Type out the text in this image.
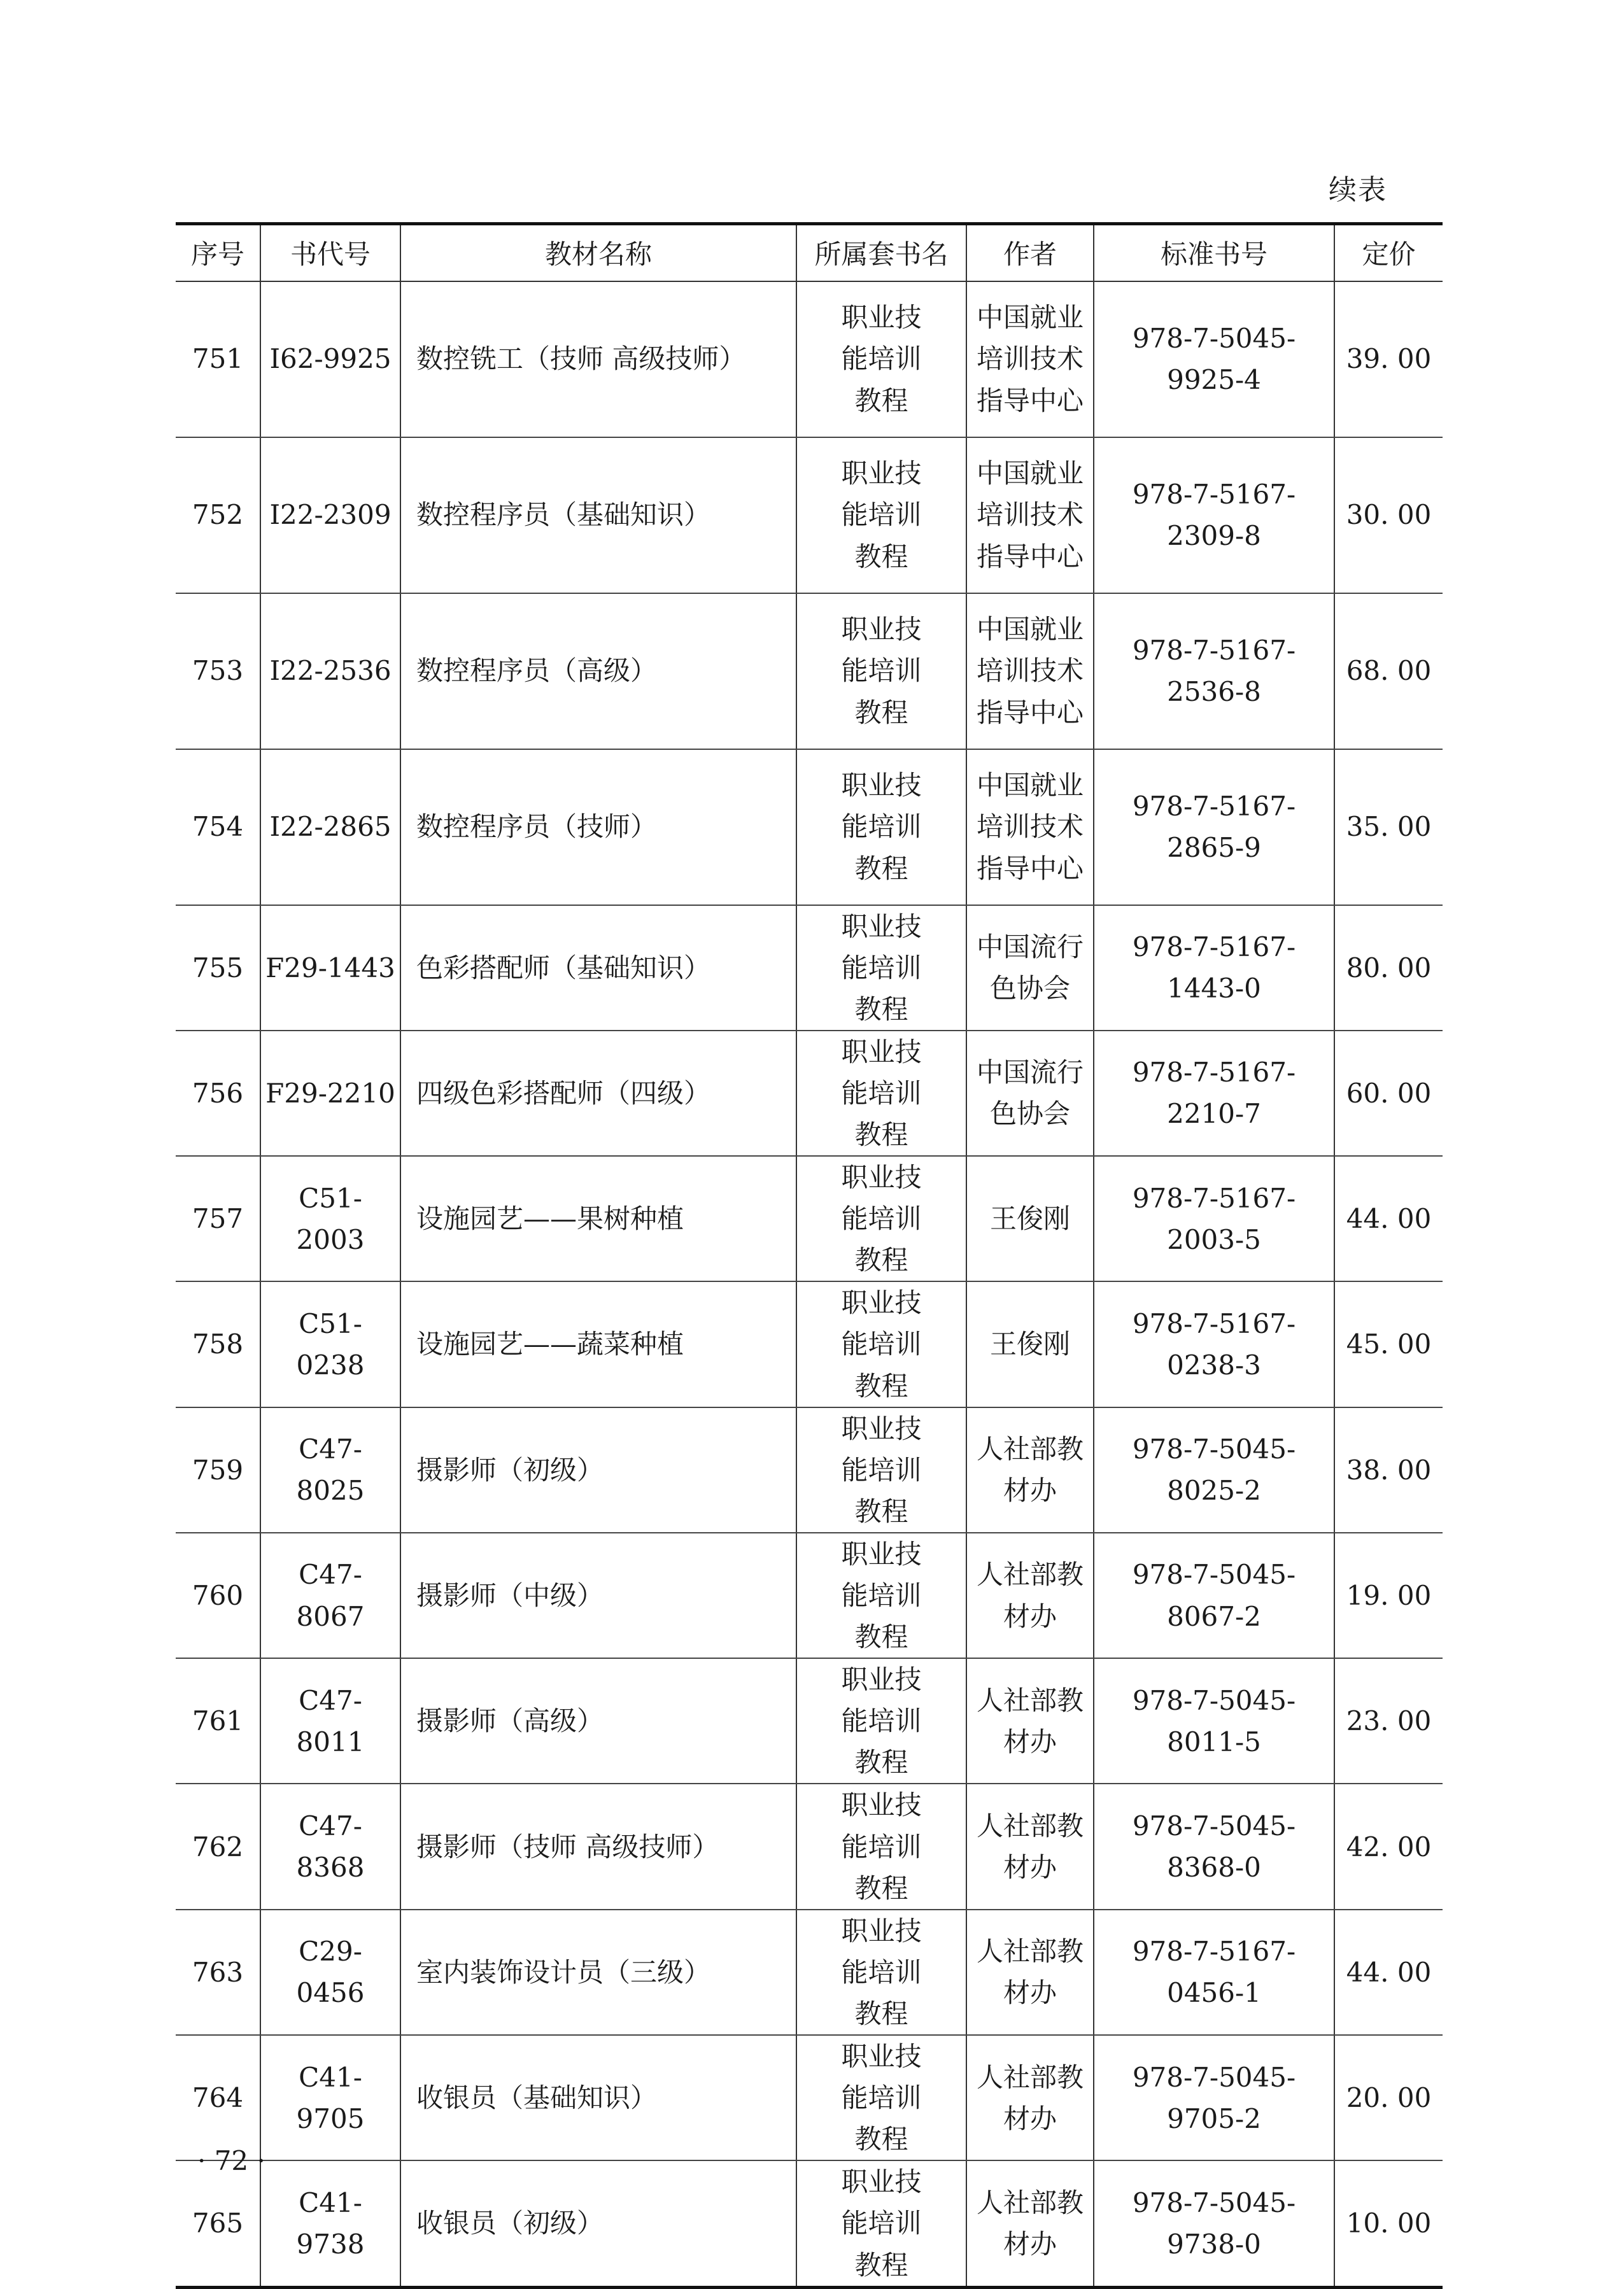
续表
序号	书代号	教材名称	所属套书名	作者	标准书号	定价
751	I62-9925	数控铣工（技师 高级技师）	职业技能培训教程	中国就业培训技术指导中心	978-7-5045-9925-4	39. 00
752	I22-2309	数控程序员（基础知识）	职业技能培训教程	中国就业培训技术指导中心	978-7-5167-2309-8	30. 00
753	I22-2536	数控程序员（高级）	职业技能培训教程	中国就业培训技术指导中心	978-7-5167-2536-8	68. 00
754	I22-2865	数控程序员（技师）	职业技能培训教程	中国就业培训技术指导中心	978-7-5167-2865-9	35. 00
755	F29-1443	色彩搭配师（基础知识）	职业技能培训教程	中国流行色协会	978-7-5167-1443-0	80. 00
756	F29-2210	四级色彩搭配师（四级）	职业技能培训教程	中国流行色协会	978-7-5167-2210-7	60. 00
757	C51-2003	设施园艺——果树种植	职业技能培训教程	王俊刚	978-7-5167-2003-5	44. 00
758	C51-0238	设施园艺——蔬菜种植	职业技能培训教程	王俊刚	978-7-5167-0238-3	45. 00
759	C47-8025	摄影师（初级）	职业技能培训教程	人社部教材办	978-7-5045-8025-2	38. 00
760	C47-8067	摄影师（中级）	职业技能培训教程	人社部教材办	978-7-5045-8067-2	19. 00
761	C47-8011	摄影师（高级）	职业技能培训教程	人社部教材办	978-7-5045-8011-5	23. 00
762	C47-8368	摄影师（技师 高级技师）	职业技能培训教程	人社部教材办	978-7-5045-8368-0	42. 00
763	C29-0456	室内装饰设计员（三级）	职业技能培训教程	人社部教材办	978-7-5167-0456-1	44. 00
764	C41-9705	收银员（基础知识）	职业技能培训教程	人社部教材办	978-7-5045-9705-2	20. 00
765	C41-9738	收银员（初级）	职业技能培训教程	人社部教材办	978-7-5045-9738-0	10. 00
· 72 ·
